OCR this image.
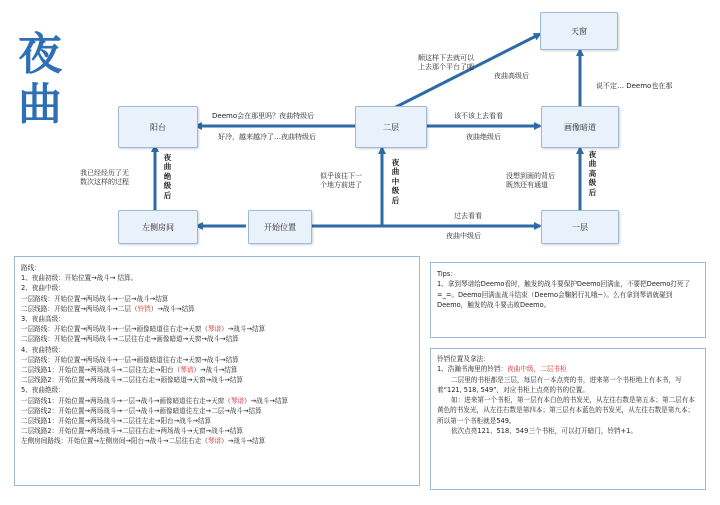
夜
曲
天窗
阳台	二层	画像暗道
左侧房间	开始位置	一层
顺这样下去就可以
上去那个平台了吧
夜曲高级后
说不定… Deemo也在那
Deemo会在那里吗？夜曲特级后
好冷，越来越冷了…夜曲特级后
该不该上去看看
夜曲绝级后
我已经经历了无
数次这样的过程
似乎该往下一
个地方前进了
没想到画的背后
既然还有通道
过去看看
夜曲中级后
夜曲绝级后
夜曲中级后
夜曲高级后
路线：
1、夜曲初级：开始位置→战斗→ 结算。
2、夜曲中级：
一层路线：开始位置→两场战斗→一层→战斗→结算
二层线路：开始位置→两场战斗→二层（铃铛）→战斗→结算
3、夜曲高级：
一层路线：开始位置→两场战斗→一层→画像暗道往右走→天窗（琴谱）→战斗→结算
二层路线：开始位置→两场战斗→二层往右走→画像暗道→天窗→战斗→结算
4、夜曲特级：
一层路线：开始位置→两场战斗→一层→画像暗道往右走→天窗→战斗→结算
二层线路1：开始位置→两场战斗→二层往左走→阳台（琴谱）→战斗→结算
二层线路2：开始位置→两场战斗→二层往右走→画像暗道→天窗→战斗→结算
5、夜曲绝级：
一层路线1：开始位置→两场战斗→一层→战斗→画像暗道往右走→天窗（琴谱）→战斗→结算
一层路线2：开始位置→两场战斗→一层→战斗→画像暗道往左走→二层→战斗→结算
二层线路1：开始位置→两场战斗→二层往左走→阳台→战斗→结算
二层线路2：开始位置→两场战斗→二层往右走→两场战斗→天窗→战斗→结算
左侧房间路线：开始位置→左侧房间→阳台→战斗→二层往右走（琴谱）→战斗→结算
Tips：
1、拿到琴谱给Deemo看时，触发的战斗要保护Deemo回满血，不要把Deemo打死了=_=。Deemo回满血战斗结束（Deemo会鞠躬行礼哦~）。么有拿到琴谱就碰到Deemo，触发的战斗要击败Deemo。
铃铛位置及拿法：
1、浩瀚书海里的铃铛：夜曲中级，二层书柜
二层里的书柜都是三层，每层有一本点亮的书，进来第一个书柜地上有本书，写着“121, 518, 549”，对应书柜上点亮的书的位置。
如：进来第一个书柜，第一层有本白色的书发光，从左往右数是第五本；第二层有本黄色的书发光，从左往右数是第四本；第三层有本蓝色的书发光，从左往右数是第九本；所以第一个书柜就是549。
依次点亮121、518、549三个书柜，可以打开暗门，铃铛+1。
